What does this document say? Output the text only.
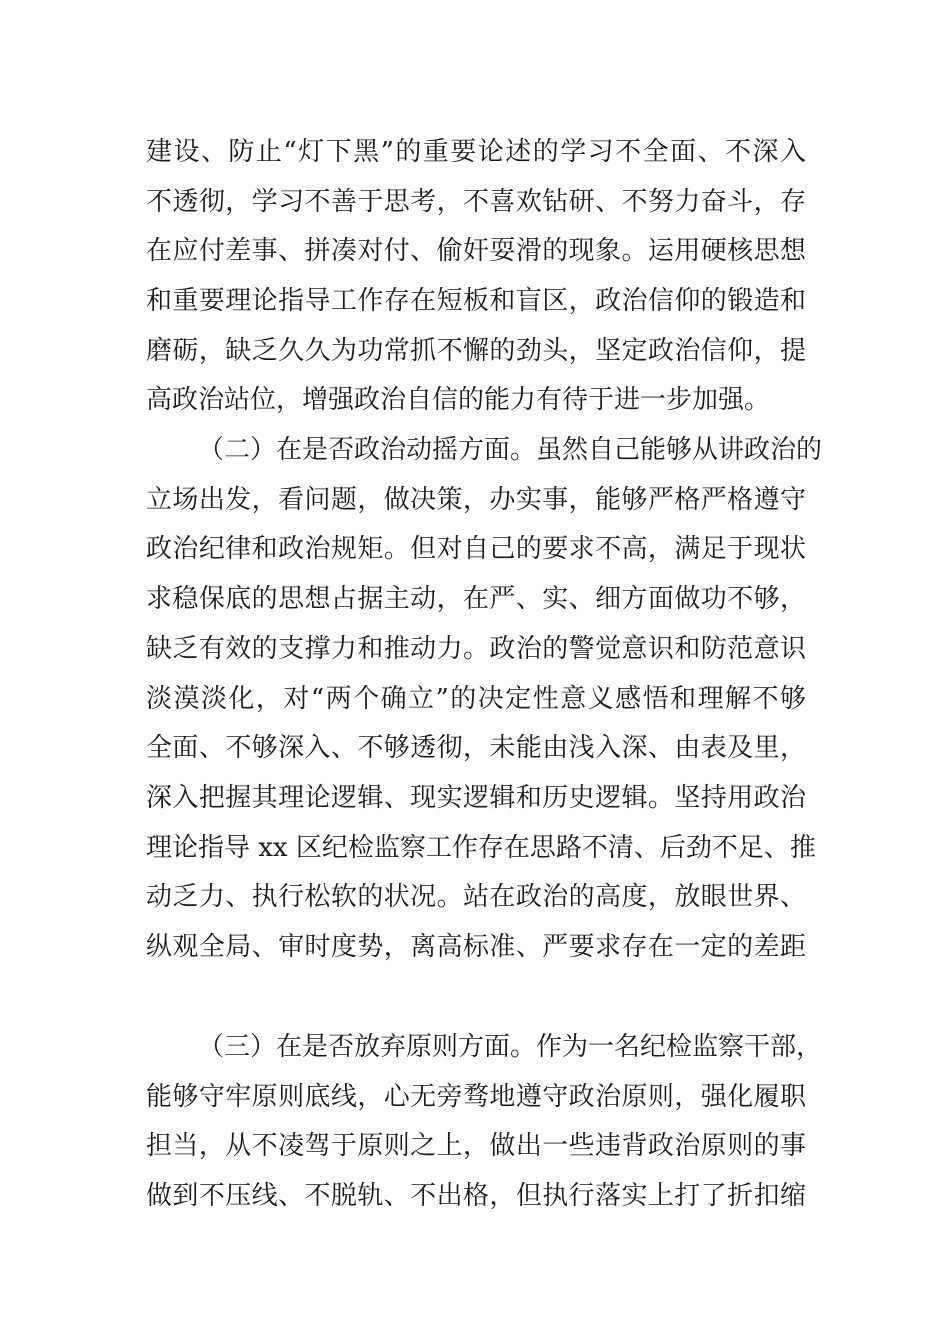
建设、防止“灯下黑”的重要论述的学习不全面、不深入
不透彻，学习不善于思考，不喜欢钻研、不努力奋斗，存
在应付差事、拼凑对付、偷奸耍滑的现象。运用硬核思想
和重要理论指导工作存在短板和盲区，政治信仰的锻造和
磨砺，缺乏久久为功常抓不懈的劲头，坚定政治信仰，提
高政治站位，增强政治自信的能力有待于进一步加强。
（二）在是否政治动摇方面。虽然自己能够从讲政治的
立场出发，看问题，做决策，办实事，能够严格严格遵守
政治纪律和政治规矩。但对自己的要求不高，满足于现状
求稳保底的思想占据主动，在严、实、细方面做功不够，
缺乏有效的支撑力和推动力。政治的警觉意识和防范意识
淡漠淡化，对“两个确立”的决定性意义感悟和理解不够
全面、不够深入、不够透彻，未能由浅入深、由表及里，
深入把握其理论逻辑、现实逻辑和历史逻辑。坚持用政治
理论指导 xx 区纪检监察工作存在思路不清、后劲不足、推
动乏力、执行松软的状况。站在政治的高度，放眼世界、
纵观全局、审时度势，离高标准、严要求存在一定的差距
（三）在是否放弃原则方面。作为一名纪检监察干部，
能够守牢原则底线，心无旁骛地遵守政治原则，强化履职
担当，从不凌驾于原则之上，做出一些违背政治原则的事
做到不压线、不脱轨、不出格，但执行落实上打了折扣缩
